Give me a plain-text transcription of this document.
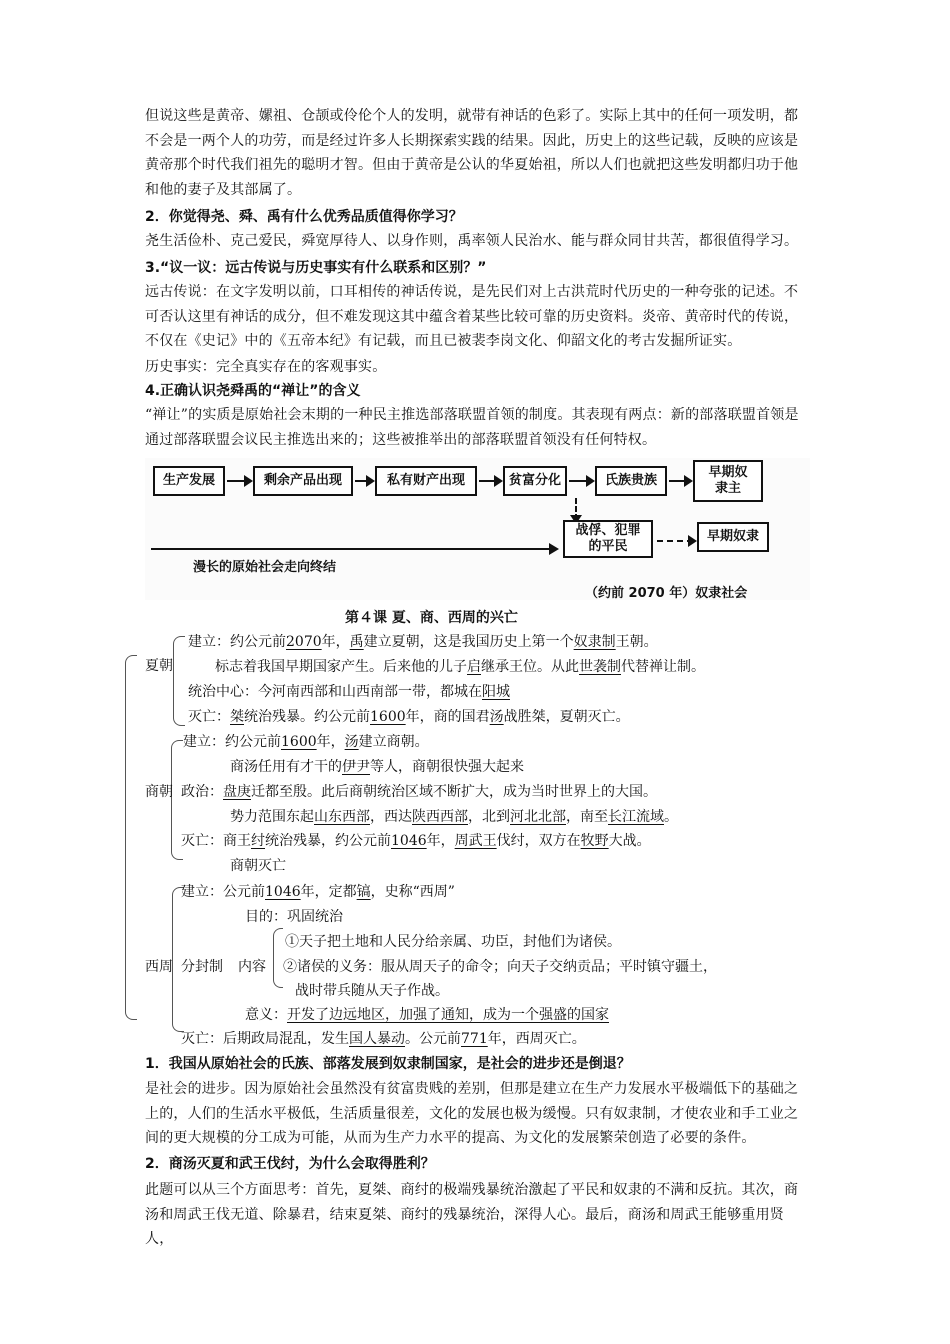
但说这些是黄帝、嫘祖、仓颉或伶伦个人的发明，就带有神话的色彩了。实际上其中的任何一项发明，都不会是一两个人的功劳，而是经过许多人长期探索实践的结果。因此，历史上的这些记载，反映的应该是黄帝那个时代我们祖先的聪明才智。但由于黄帝是公认的华夏始祖，所以人们也就把这些发明都归功于他和他的妻子及其部属了。
2．你觉得尧、舜、禹有什么优秀品质值得你学习？
尧生活俭朴、克己爱民，舜宽厚待人、以身作则，禹率领人民治水、能与群众同甘共苦，都很值得学习。
3.“议一议：远古传说与历史事实有什么联系和区别？”
远古传说：在文字发明以前，口耳相传的神话传说，是先民们对上古洪荒时代历史的一种夸张的记述。不可否认这里有神话的成分，但不难发现这其中蕴含着某些比较可靠的历史资料。炎帝、黄帝时代的传说，不仅在《史记》中的《五帝本纪》有记载，而且已被裴李岗文化、仰韶文化的考古发掘所证实。
历史事实：完全真实存在的客观事实。
4.正确认识尧舜禹的“禅让”的含义
“禅让”的实质是原始社会末期的一种民主推选部落联盟首领的制度。其表现有两点：新的部落联盟首领是通过部落联盟会议民主推选出来的；这些被推举出的部落联盟首领没有任何特权。
生产发展	剩余产品出现	私有财产出现	贫富分化	氏族贵族
早期奴隶主
战俘、犯罪的平民
早期奴隶
漫长的原始社会走向终结
（约前 2070 年）奴隶社会
第４课 夏、商、西周的兴亡
夏朝
建立：约公元前2070年，禹建立夏朝，这是我国历史上第一个奴隶制王朝。
标志着我国早期国家产生。后来他的儿子启继承王位。从此世袭制代替禅让制。
统治中心：今河南西部和山西南部一带，都城在阳城
灭亡：桀统治残暴。约公元前1600年，商的国君汤战胜桀，夏朝灭亡。
建立：约公元前1600年，汤建立商朝。
商汤任用有才干的伊尹等人，商朝很快强大起来
商朝 政治：盘庚迁都至殷。此后商朝统治区域不断扩大，成为当时世界上的大国。
势力范围东起山东西部，西达陕西西部，北到河北北部，南至长江流域。
灭亡：商王纣统治残暴，约公元前1046年，周武王伐纣，双方在牧野大战。
商朝灭亡
建立：公元前1046年，定都镐，史称“西周”
目的：巩固统治
①天子把土地和人民分给亲属、功臣，封他们为诸侯。
西周 分封制 内容 ②诸侯的义务：服从周天子的命令；向天子交纳贡品；平时镇守疆土，
战时带兵随从天子作战。
意义：开发了边远地区，加强了通知，成为一个强盛的国家
灭亡：后期政局混乱，发生国人暴动。公元前771年，西周灭亡。
1．我国从原始社会的氏族、部落发展到奴隶制国家，是社会的进步还是倒退？
是社会的进步。因为原始社会虽然没有贫富贵贱的差别，但那是建立在生产力发展水平极端低下的基础之上的，人们的生活水平极低，生活质量很差，文化的发展也极为缓慢。只有奴隶制，才使农业和手工业之间的更大规模的分工成为可能，从而为生产力水平的提高、为文化的发展繁荣创造了必要的条件。
2．商汤灭夏和武王伐纣，为什么会取得胜利？
此题可以从三个方面思考：首先，夏桀、商纣的极端残暴统治激起了平民和奴隶的不满和反抗。其次，商汤和周武王伐无道、除暴君，结束夏桀、商纣的残暴统治，深得人心。最后，商汤和周武王能够重用贤人，
